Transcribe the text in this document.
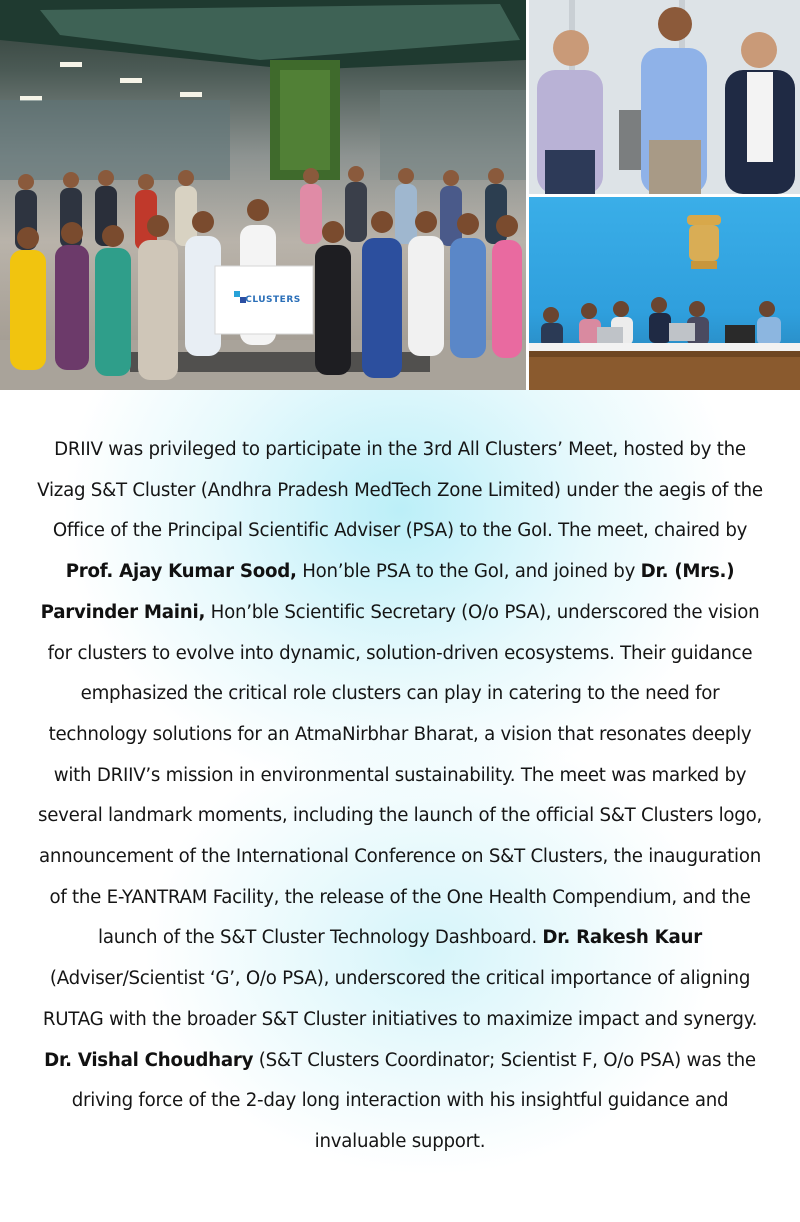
CLUSTERS

DRIIV was privileged to participate in the 3rd All Clusters’ Meet, hosted by the Vizag S&T Cluster (Andhra Pradesh MedTech Zone Limited) under the aegis of the Office of the Principal Scientific Adviser (PSA) to the GoI. The meet, chaired by Prof. Ajay Kumar Sood, Hon’ble PSA to the GoI, and joined by Dr. (Mrs.) Parvinder Maini, Hon’ble Scientific Secretary (O/o PSA), underscored the vision for clusters to evolve into dynamic, solution-driven ecosystems. Their guidance emphasized the critical role clusters can play in catering to the need for technology solutions for an AtmaNirbhar Bharat, a vision that resonates deeply with DRIIV’s mission in environmental sustainability. The meet was marked by several landmark moments, including the launch of the official S&T Clusters logo, announcement of the International Conference on S&T Clusters, the inauguration of the E-YANTRAM Facility, the release of the One Health Compendium, and the launch of the S&T Cluster Technology Dashboard. Dr. Rakesh Kaur (Adviser/Scientist ‘G’, O/o PSA), underscored the critical importance of aligning RUTAG with the broader S&T Cluster initiatives to maximize impact and synergy. Dr. Vishal Choudhary (S&T Clusters Coordinator; Scientist F, O/o PSA) was the driving force of the 2-day long interaction with his insightful guidance and invaluable support.
